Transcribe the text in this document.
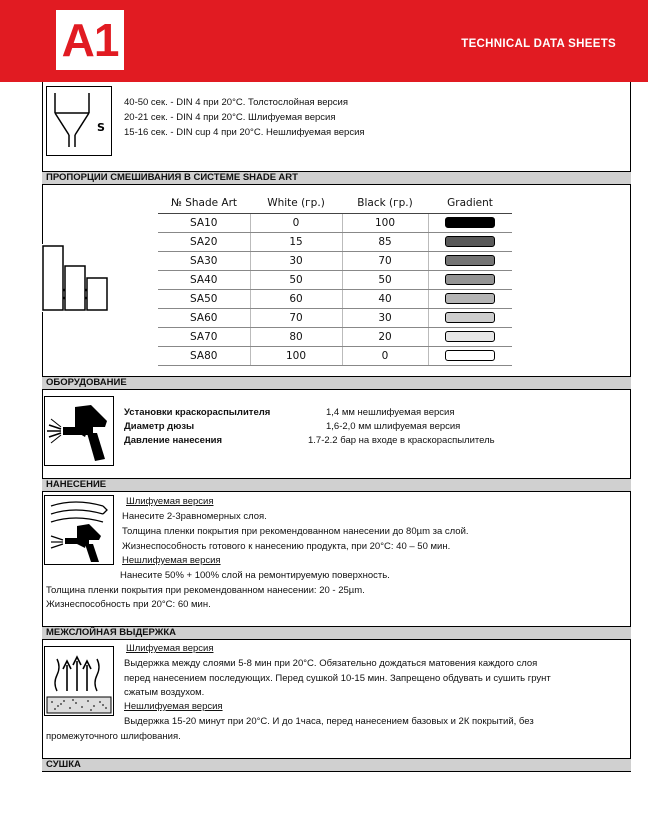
A1	TECHNICAL DATA SHEETS
S
40-50 сек. - DIN 4 при 20°С. Толстослойная версия
20-21 сек. - DIN 4 при 20°С. Шлифуемая версия
15-16 сек. - DIN cup 4 при 20°С. Нешлифуемая версия
ПРОПОРЦИИ СМЕШИВАНИЯ В СИСТЕМЕ SHADE ART
№ Shade Art	White (гр.)	Black (гр.)	Gradient
SA10	0	100	
SA20	15	85	
SA30	30	70	
SA40	50	50	
SA50	60	40	
SA60	70	30	
SA70	80	20	
SA80	100	0	
ОБОРУДОВАНИЕ
Установки краскораспылителя	1,4 мм нешлифуемая версия
Диаметр дюзы	1,6-2,0 мм шлифуемая версия
Давление нанесения	1.7-2.2 бар на входе в краскораспылитель
НАНЕСЕНИЕ
Шлифуемая версия
Нанесите 2-3равномерных слоя.
Толщина пленки покрытия при рекомендованном нанесении до 80µm за слой.
Жизнеспособность готового к нанесению продукта, при 20°С: 40 – 50 мин.
Нешлифуемая версия
Нанесите 50% + 100% слой на ремонтируемую поверхность.
Толщина пленки покрытия при рекомендованном нанесении: 20 - 25µm.
Жизнеспособность при 20°С: 60 мин.
МЕЖСЛОЙНАЯ ВЫДЕРЖКА
Шлифуемая версия
Выдержка между слоями 5-8 мин при 20°С. Обязательно дождаться матовения каждого слоя
перед нанесением последующих. Перед сушкой 10-15 мин. Запрещено обдувать и сушить грунт
сжатым воздухом.
Нешлифуемая версия
Выдержка 15-20 минут при 20°С. И до 1часа, перед нанесением базовых и 2К покрытий, без
промежуточного шлифования.
СУШКА
